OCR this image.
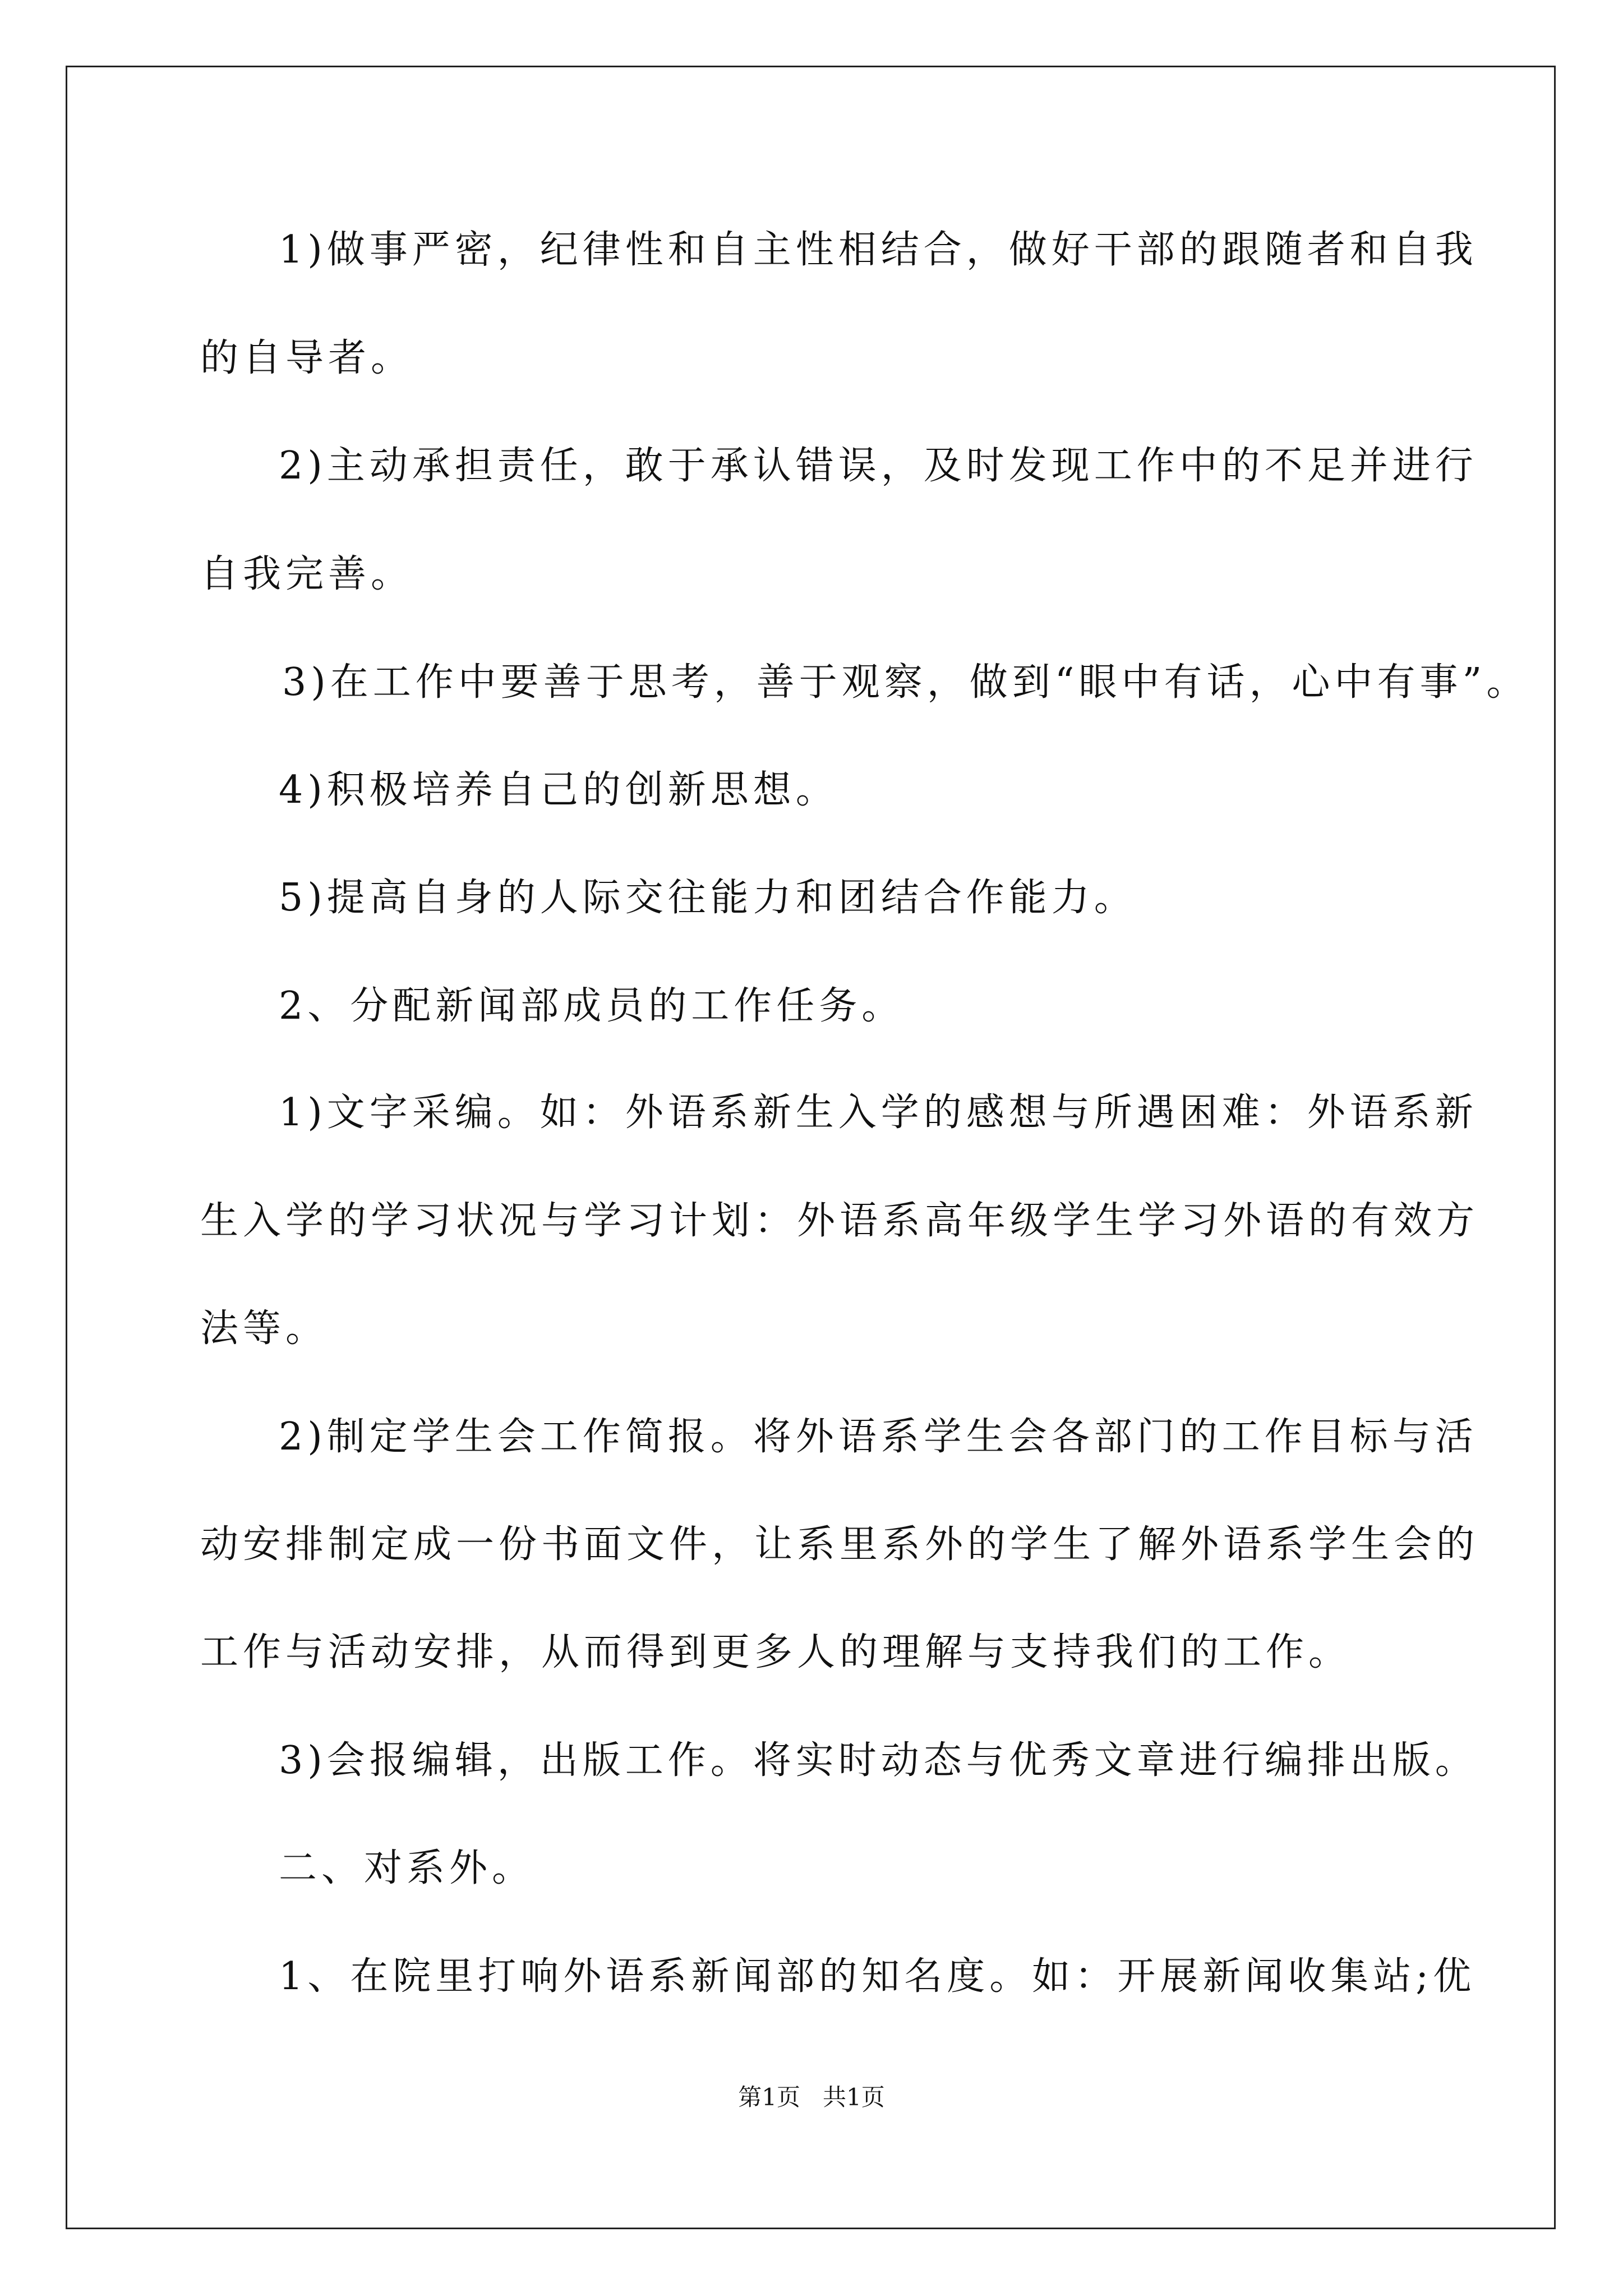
1)做事严密，纪律性和自主性相结合，做好干部的跟随者和自我
的自导者。
2)主动承担责任，敢于承认错误，及时发现工作中的不足并进行
自我完善。
3)在工作中要善于思考，善于观察，做到“眼中有话，心中有事”。
4)积极培养自己的创新思想。
5)提高自身的人际交往能力和团结合作能力。
2、分配新闻部成员的工作任务。
1)文字采编。如：外语系新生入学的感想与所遇困难：外语系新
生入学的学习状况与学习计划：外语系高年级学生学习外语的有效方
法等。
2)制定学生会工作简报。将外语系学生会各部门的工作目标与活
动安排制定成一份书面文件，让系里系外的学生了解外语系学生会的
工作与活动安排，从而得到更多人的理解与支持我们的工作。
3)会报编辑，出版工作。将实时动态与优秀文章进行编排出版。
二、对系外。
1、在院里打响外语系新闻部的知名度。如：开展新闻收集站;优
第1页   共1页
